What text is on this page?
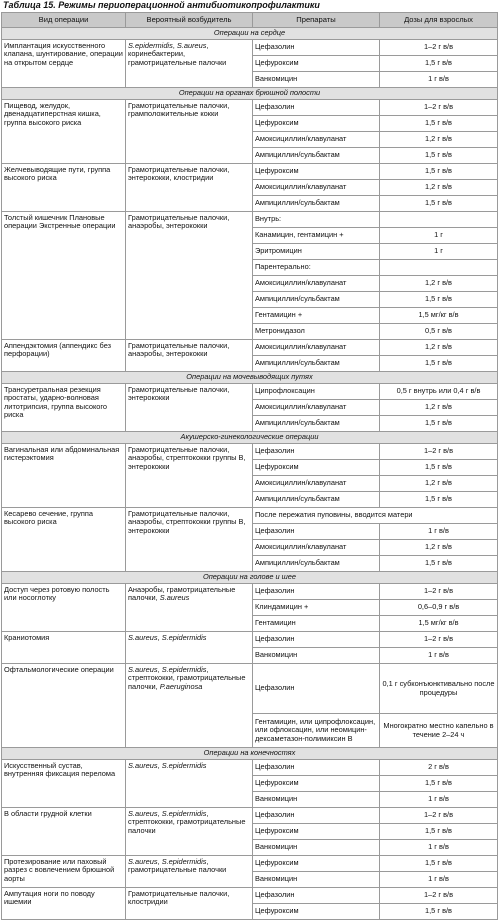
Таблица 15. Режимы периоперационной антибиотикопрофилактики
Вид операции	Вероятный возбудитель	Препараты	Дозы для взрослых
Операции на сердце			
Имплантация искусственного клапана, шунтирование, операции на открытом сердце	S.epidermidis, S.aureus, коринебактерии, грамотрицательные палочки	Цефазолин	1–2 г в/в
		Цефуроксим	1,5 г в/в
		Ванкомицин	1 г в/в
Операции на органах брюшной полости			
Пищевод, желудок, двенадцатиперстная кишка, группа высокого риска	Грамотрицательные палочки, грамположительные кокки	Цефазолин	1–2 г в/в
		Цефуроксим	1,5 г в/в
		Амоксициллин/клавуланат	1,2 г в/в
		Ампициллин/сульбактам	1,5 г в/в
Желчевыводящие пути, группа высокого риска	Грамотрицательные палочки, энтерококки, клостридии	Цефуроксим	1,5 г в/в
		Амоксициллин/клавуланат	1,2 г в/в
		Ампициллин/сульбактам	1,5 г в/в
Толстый кишечник Плановые операции Экстренные операции	Грамотрицательные палочки, анаэробы, энтерококки	Внутрь:	
		Канамицин, гентамицин +	1 г
		Эритромицин	1 г
		Парентерально:	
		Амоксициллин/клавуланат	1,2 г в/в
		Ампициллин/сульбактам	1,5 г в/в
		Гентамицин +	1,5 мг/кг в/в
		Метронидазол	0,5 г в/в
Аппендэктомия (аппендикс без перфорации)	Грамотрицательные палочки, анаэробы, энтерококки	Амоксициллин/клавуланат	1,2 г в/в
		Ампициллин/сульбактам	1,5 г в/в
Операции на мочевыводящих путях			
Трансуретральная резекция простаты, ударно-волновая литотрипсия, группа высокого риска	Грамотрицательные палочки, энтерококки	Ципрофлоксацин	0,5 г внутрь или 0,4 г в/в
		Амоксициллин/клавуланат	1,2 г в/в
		Ампициллин/сульбактам	1,5 г в/в
Акушерско-гинекологические операции			
Вагинальная или абдоминальная гистерэктомия	Грамотрицательные палочки, анаэробы, стрептококки группы B, энтерококки	Цефазолин	1–2 г в/в
		Цефуроксим	1,5 г в/в
		Амоксициллин/клавуланат	1,2 г в/в
		Ампициллин/сульбактам	1,5 г в/в
Кесарево сечение, группа высокого риска	Грамотрицательные палочки, анаэробы, стрептококки группы B, энтерококки	После пережатия пуповины, вводится матери	
		Цефазолин	1 г в/в
		Амоксициллин/клавуланат	1,2 г в/в
		Ампициллин/сульбактам	1,5 г в/в
Операции на голове и шее			
Доступ через ротовую полость или носоглотку	Анаэробы, грамотрицательные палочки, S.aureus	Цефазолин	1–2 г в/в
		Клиндамицин +	0,6–0,9 г в/в
		Гентамицин	1,5 мг/кг в/в
Краниотомия	S.aureus, S.epidermidis	Цефазолин	1–2 г в/в
		Ванкомицин	1 г в/в
Офтальмологические операции	S.aureus, S.epidermidis, стрептококки, грамотрицательные палочки, P.aeruginosa	Цефазолин	0,1 г субконъюнктивально после процедуры
		Гентамицин, или ципрофлоксацин, или офлоксацин, или неомицин-дексаметазон-полимиксин B	Многократно местно капельно в течение 2–24 ч
Операции на конечностях			
Искусственный сустав, внутренняя фиксация перелома	S.aureus, S.epidermidis	Цефазолин	2 г в/в
		Цефуроксим	1,5 г в/в
		Ванкомицин	1 г в/в
В области грудной клетки	S.aureus, S.epidermidis, стрептококки, грамотрицательные палочки	Цефазолин	1–2 г в/в
		Цефуроксим	1,5 г в/в
		Ванкомицин	1 г в/в
Протезирование или паховый разрез с вовлечением брюшной аорты	S.aureus, S.epidermidis, грамотрицательные палочки	Цефуроксим	1,5 г в/в
		Ванкомицин	1 г в/в
Ампутация ноги по поводу ишемии	Грамотрицательные палочки, клостридии	Цефазолин	1–2 г в/в
		Цефуроксим	1,5 г в/в
